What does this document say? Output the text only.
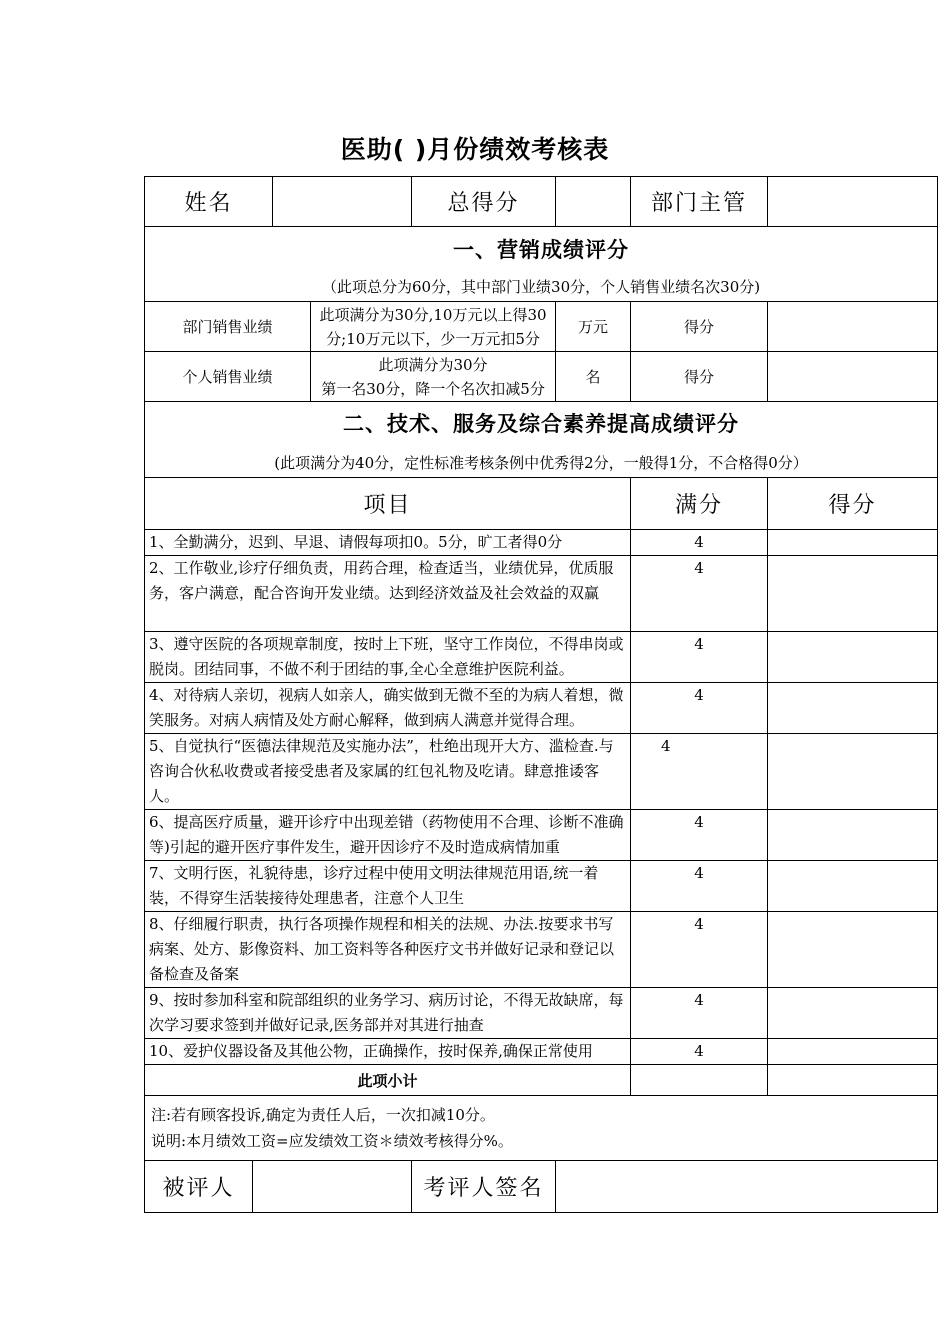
医助( )月份绩效考核表
姓名				总得分		部门主管	

一、营销成绩评分
（此项总分为60分，其中部门业绩30分，个人销售业绩名次30分)							

部门销售业绩			此项满分为30分,10万元以上得30
分;10万元以下，少一万元扣5分		万元	得分	
个人销售业绩			此项满分为30分
第一名30分，降一个名次扣减5分		名	得分	

二、技术、服务及综合素养提高成绩评分
(此项满分为40分，定性标准考核条例中优秀得2分，一般得1分，不合格得0分）							

项目						满分	得分
1、全勤满分，迟到、早退、请假每项扣0。5分，旷工者得0分						4	
2、工作敬业,诊疗仔细负责，用药合理，检查适当，业绩优异，优质服务，客户满意，配合咨询开发业绩。达到经济效益及社会效益的双赢						4	
3、遵守医院的各项规章制度，按时上下班，坚守工作岗位，不得串岗或脱岗。团结同事，不做不利于团结的事,全心全意维护医院利益。						4	
4、对待病人亲切，视病人如亲人，确实做到无微不至的为病人着想，微笑服务。对病人病情及处方耐心解释，做到病人满意并觉得合理。						4	
5、自觉执行“医德法律规范及实施办法”，杜绝出现开大方、滥检查.与咨询合伙私收费或者接受患者及家属的红包礼物及吃请。肆意推诿客人。						4	
6、提高医疗质量，避开诊疗中出现差错（药物使用不合理、诊断不准确等)引起的避开医疗事件发生，避开因诊疗不及时造成病情加重						4	
7、文明行医，礼貌待患，诊疗过程中使用文明法律规范用语,统一着装，不得穿生活装接待处理患者，注意个人卫生						4	
8、仔细履行职责，执行各项操作规程和相关的法规、办法.按要求书写病案、处方、影像资料、加工资料等各种医疗文书并做好记录和登记以备检查及备案						4	
9、按时参加科室和院部组织的业务学习、病历讨论，不得无故缺席，每次学习要求签到并做好记录,医务部并对其进行抽查						4	
10、爱护仪器设备及其他公物，正确操作，按时保养,确保正常使用						4	
此项小计							

注:若有顾客投诉,确定为责任人后，一次扣减10分。
说明:本月绩效工资=应发绩效工资＊绩效考核得分%。							

被评人				考评人签名			
